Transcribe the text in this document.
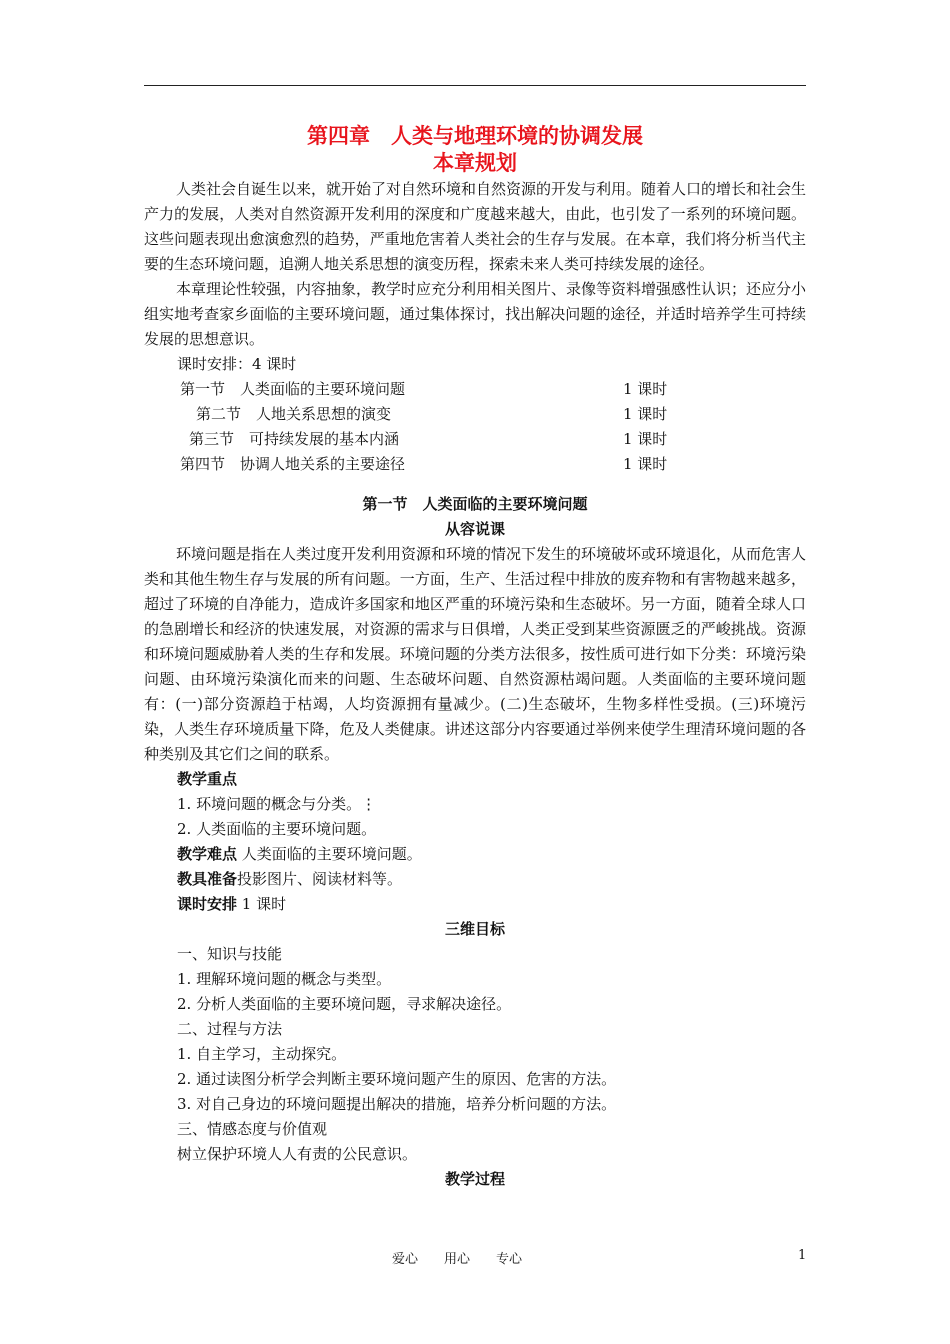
第四章　人类与地理环境的协调发展
本章规划

人类社会自诞生以来，就开始了对自然环境和自然资源的开发与利用。随着人口的增长和社会生产力的发展，人类对自然资源开发利用的深度和广度越来越大，由此，也引发了一系列的环境问题。这些问题表现出愈演愈烈的趋势，严重地危害着人类社会的生存与发展。在本章，我们将分析当代主要的生态环境问题，追溯人地关系思想的演变历程，探索未来人类可持续发展的途径。

本章理论性较强，内容抽象，教学时应充分利用相关图片、录像等资料增强感性认识；还应分小组实地考查家乡面临的主要环境问题，通过集体探讨，找出解决问题的途径，并适时培养学生可持续发展的思想意识。

课时安排：4 课时
第一节　人类面临的主要环境问题	1 课时
第二节　人地关系思想的演变	1 课时
第三节　可持续发展的基本内涵	1 课时
第四节　协调人地关系的主要途径	1 课时
第一节　人类面临的主要环境问题
从容说课

环境问题是指在人类过度开发利用资源和环境的情况下发生的环境破坏或环境退化，从而危害人类和其他生物生存与发展的所有问题。一方面，生产、生活过程中排放的废弃物和有害物越来越多，超过了环境的自净能力，造成许多国家和地区严重的环境污染和生态破坏。另一方面，随着全球人口的急剧增长和经济的快速发展，对资源的需求与日俱增，人类正受到某些资源匮乏的严峻挑战。资源和环境问题威胁着人类的生存和发展。环境问题的分类方法很多，按性质可进行如下分类：环境污染问题、由环境污染演化而来的问题、生态破坏问题、自然资源枯竭问题。人类面临的主要环境问题有：(一)部分资源趋于枯竭，人均资源拥有量减少。(二)生态破坏，生物多样性受损。(三)环境污染，人类生存环境质量下降，危及人类健康。讲述这部分内容要通过举例来使学生理清环境问题的各种类别及其它们之间的联系。

教学重点
1. 环境问题的概念与分类。⋮
2. 人类面临的主要环境问题。
教学难点 人类面临的主要环境问题。
教具准备投影图片、阅读材料等。
课时安排 1 课时
三维目标
一、知识与技能
1. 理解环境问题的概念与类型。
2. 分析人类面临的主要环境问题，寻求解决途径。
二、过程与方法
1. 自主学习，主动探究。
2. 通过读图分析学会判断主要环境问题产生的原因、危害的方法。
3. 对自己身边的环境问题提出解决的措施，培养分析问题的方法。
三、情感态度与价值观
树立保护环境人人有责的公民意识。
教学过程
爱心　　用心　　专心	1
